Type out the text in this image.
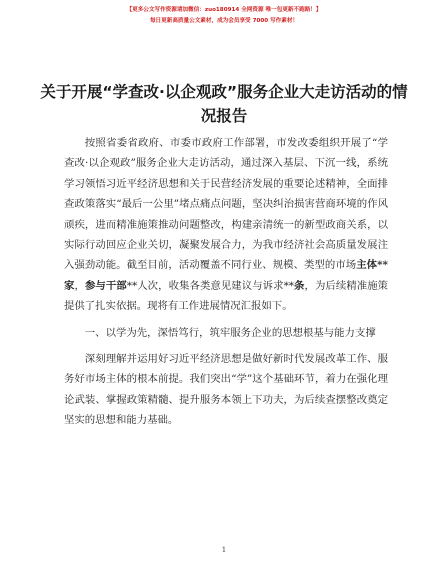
【更多公文写作资源请加微信：zuo180914 全网资源 唯一包更新不跑路！】
每日更新高质量公文素材，成为会员享受 7000 写作素材！
关于开展“学查改·以企观政”服务企业大走访活动的情况报告

按照省委省政府、市委市政府工作部署，市发改委组织开展了“学查改·以企观政”服务企业大走访活动，通过深入基层、下沉一线，系统学习领悟习近平经济思想和关于民营经济发展的重要论述精神，全面排查政策落实“最后一公里”堵点痛点问题，坚决纠治损害营商环境的作风顽疾，进而精准施策推动问题整改，构建亲清统一的新型政商关系，以实际行动回应企业关切，凝聚发展合力，为我市经济社会高质量发展注入强劲动能。截至目前，活动覆盖不同行业、规模、类型的市场主体**家，参与干部**人次，收集各类意见建议与诉求**条，为后续精准施策提供了扎实依据。现将有工作进展情况汇报如下。

一、以学为先，深悟笃行，筑牢服务企业的思想根基与能力支撑

深刻理解并运用好习近平经济思想是做好新时代发展改革工作、服务好市场主体的根本前提。我们突出“学”这个基础环节，着力在强化理论武装、掌握政策精髓、提升服务本领上下功夫，为后续查摆整改奠定坚实的思想和能力基础。

1
